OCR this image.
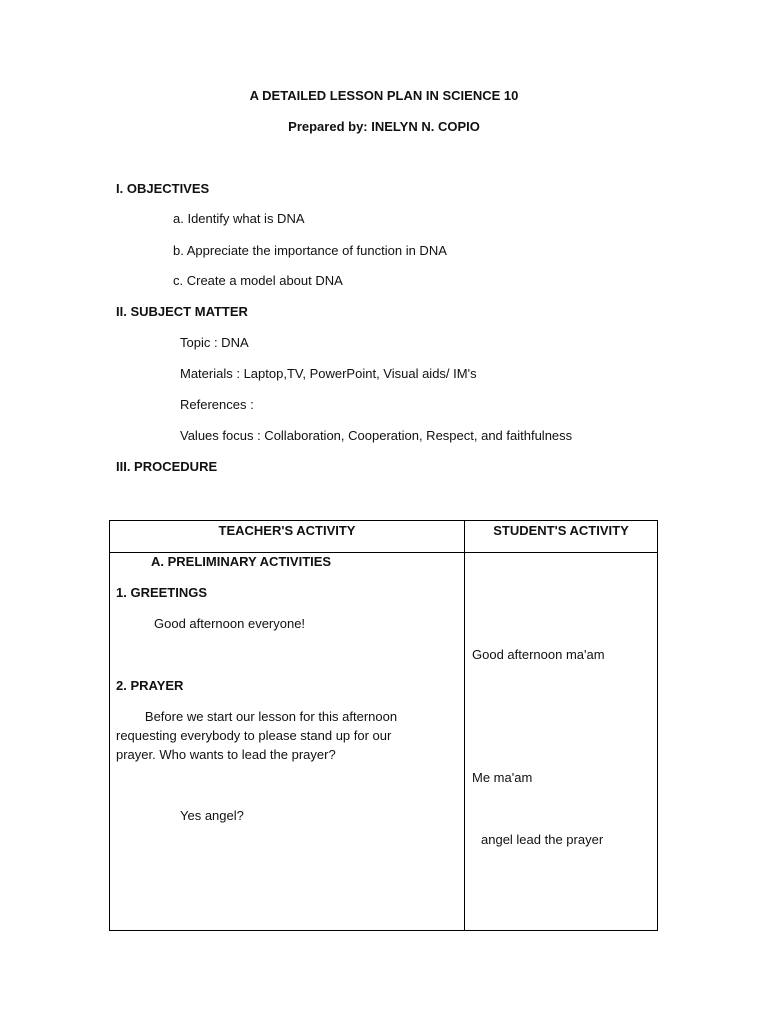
A DETAILED LESSON PLAN IN SCIENCE 10
Prepared by: INELYN N. COPIO
I. OBJECTIVES
a. Identify what is DNA
b. Appreciate the importance of function in DNA
c. Create a model about DNA
II. SUBJECT MATTER
Topic : DNA
Materials : Laptop,TV, PowerPoint, Visual aids/ IM's
References :
Values focus : Collaboration, Cooperation, Respect, and faithfulness
III. PROCEDURE
TEACHER'S ACTIVITY	STUDENT'S ACTIVITY
A. PRELIMINARY ACTIVITIES
1. GREETINGS
Good afternoon everyone!
Good afternoon ma'am
2. PRAYER
Before we start our lesson for this afternoon requesting everybody to please stand up for our prayer. Who wants to lead the prayer?
Me ma'am
Yes angel?
angel lead the prayer
